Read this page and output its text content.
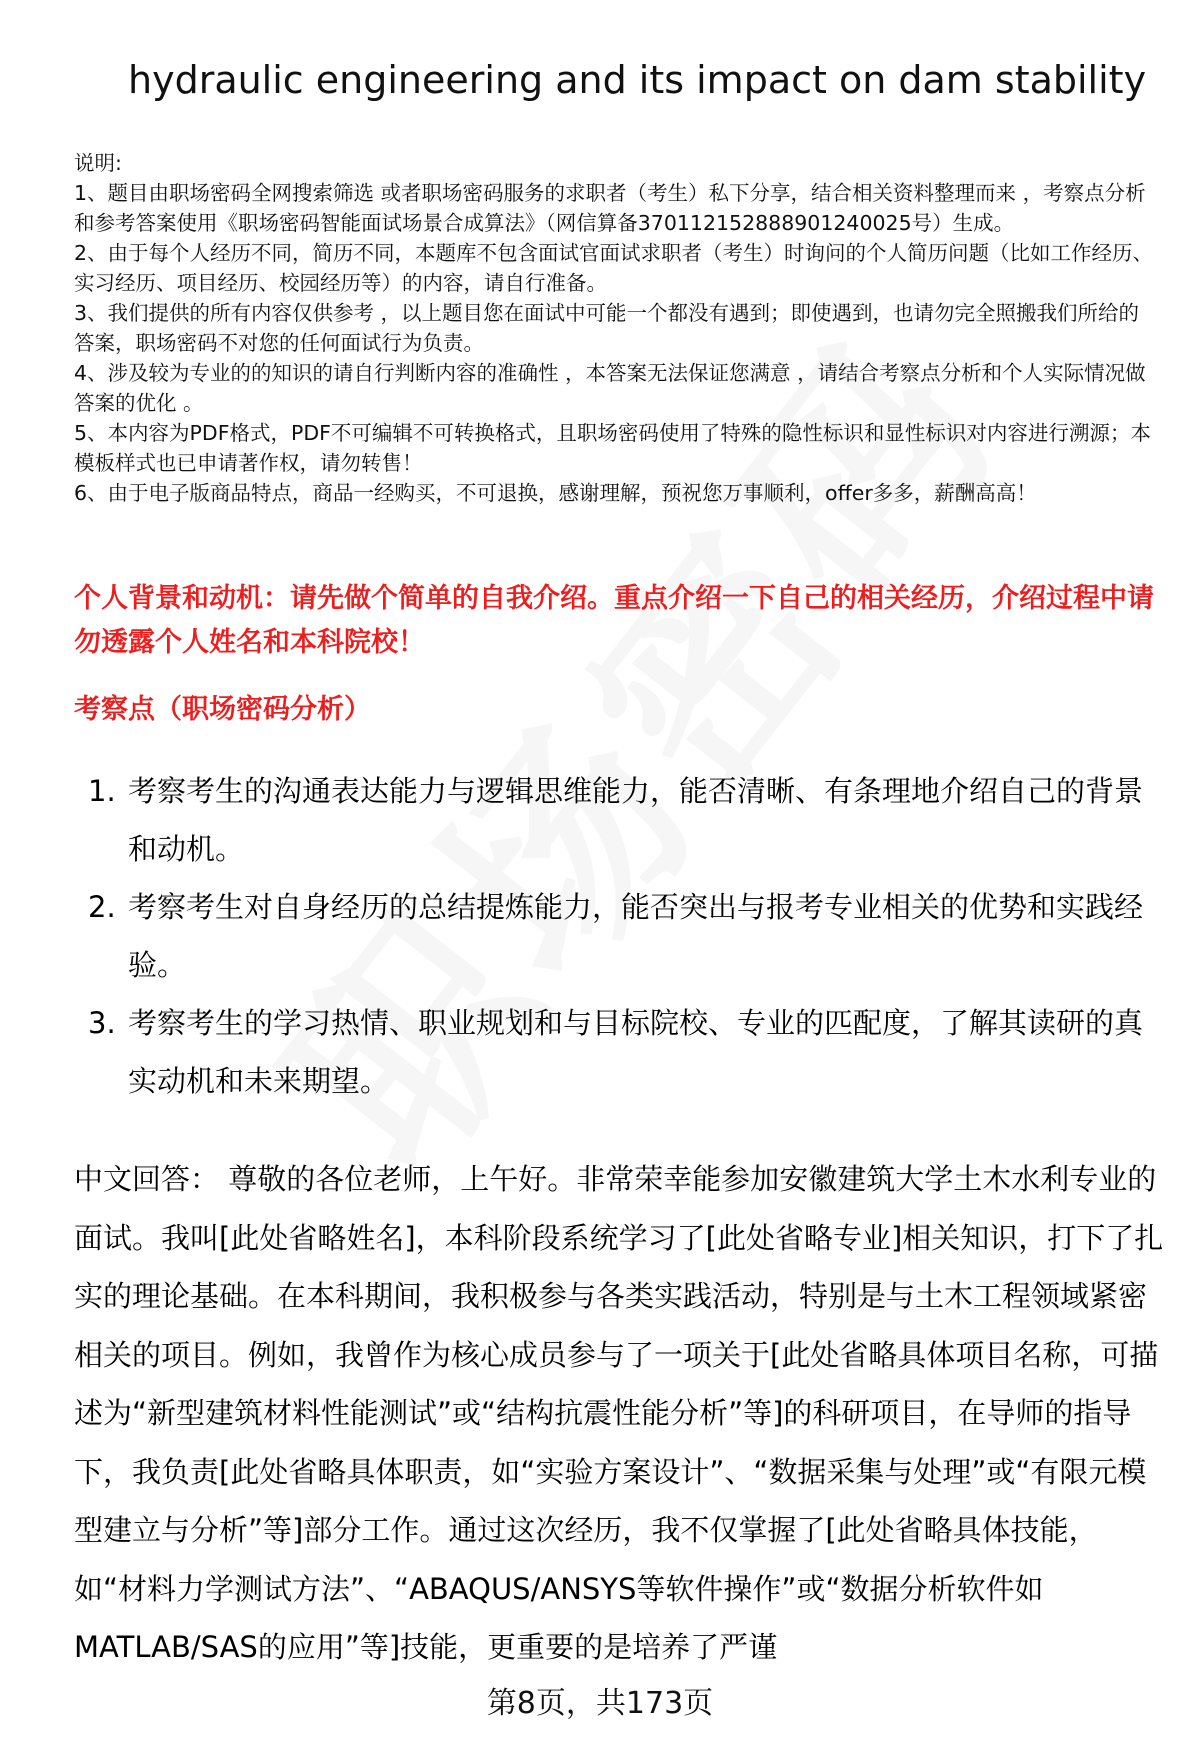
hydraulic engineering and its impact on dam stability

说明:

1、题目由职场密码全网搜索筛选 或者职场密码服务的求职者（考生）私下分享，结合相关资料整理而来 ，考察点分析和参考答案使用《职场密码智能面试场景合成算法》（网信算备370112152888901240025号）生成。

2、由于每个人经历不同，简历不同，本题库不包含面试官面试求职者（考生）时询问的个人简历问题（比如工作经历、实习经历、项目经历、校园经历等）的内容，请自行准备。

3、我们提供的所有内容仅供参考 ，以上题目您在面试中可能一个都没有遇到；即使遇到，也请勿完全照搬我们所给的答案，职场密码不对您的任何面试行为负责。

4、涉及较为专业的的知识的请自行判断内容的准确性 ，本答案无法保证您满意 ，请结合考察点分析和个人实际情况做答案的优化 。

5、本内容为PDF格式，PDF不可编辑不可转换格式，且职场密码使用了特殊的隐性标识和显性标识对内容进行溯源；本模板样式也已申请著作权，请勿转售！

6、由于电子版商品特点，商品一经购买，不可退换，感谢理解，预祝您万事顺利，offer多多，薪酬高高！

个人背景和动机：请先做个简单的自我介绍。重点介绍一下自己的相关经历，介绍过程中请勿透露个人姓名和本科院校！
考察点（职场密码分析）
1. 考察考生的沟通表达能力与逻辑思维能力，能否清晰、有条理地介绍自己的背景和动机。
2. 考察考生对自身经历的总结提炼能力，能否突出与报考专业相关的优势和实践经验。
3. 考察考生的学习热情、职业规划和与目标院校、专业的匹配度，了解其读研的真实动机和未来期望。

中文回答： 尊敬的各位老师，上午好。非常荣幸能参加安徽建筑大学土木水利专业的面试。我叫[此处省略姓名]，本科阶段系统学习了[此处省略专业]相关知识，打下了扎实的理论基础。在本科期间，我积极参与各类实践活动，特别是与土木工程领域紧密相关的项目。例如，我曾作为核心成员参与了一项关于[此处省略具体项目名称，可描述为“新型建筑材料性能测试”或“结构抗震性能分析”等]的科研项目，在导师的指导下，我负责[此处省略具体职责，如“实验方案设计”、“数据采集与处理”或“有限元模型建立与分析”等]部分工作。通过这次经历，我不仅掌握了[此处省略具体技能，如“材料力学测试方法”、“ABAQUS/ANSYS等软件操作”或“数据分析软件如MATLAB/SAS的应用”等]技能，更重要的是培养了严谨

第8页，共173页
